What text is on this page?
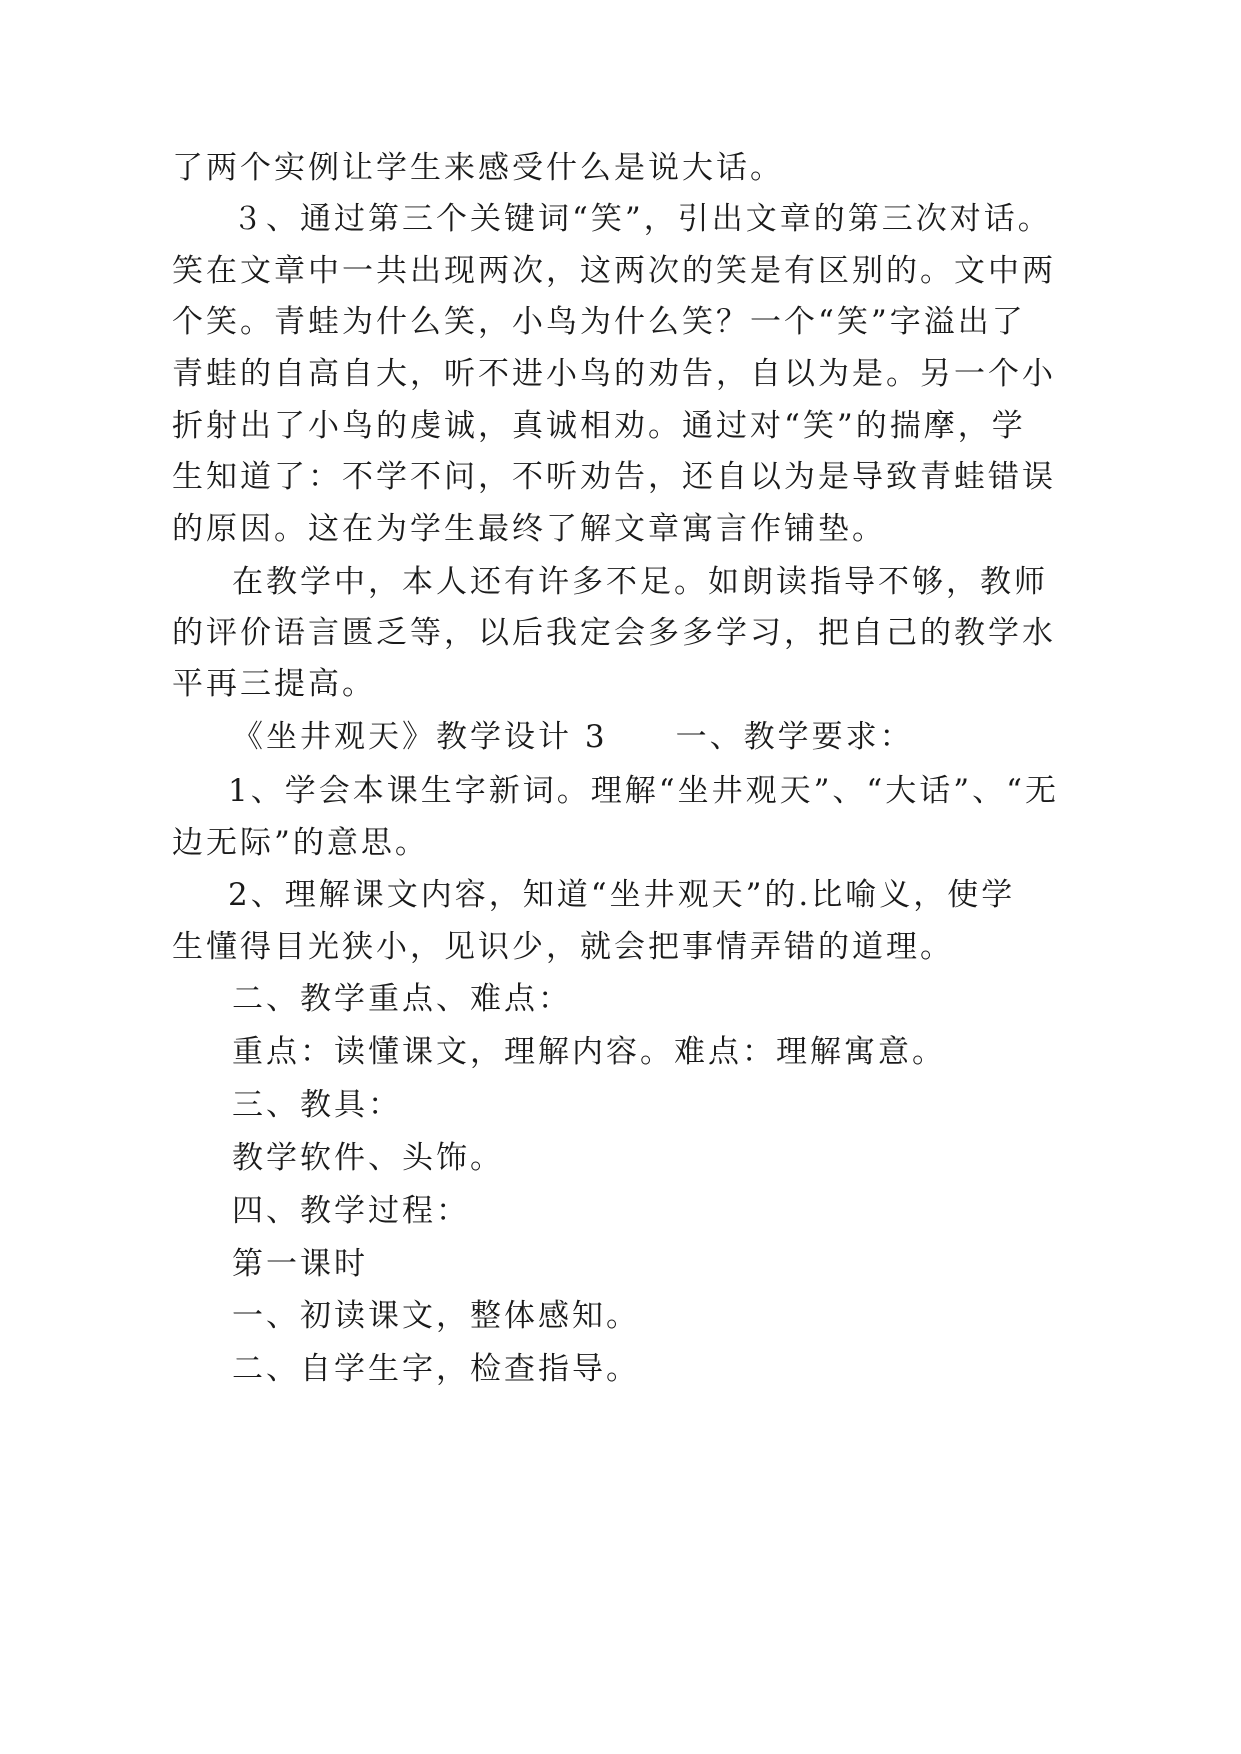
了两个实例让学生来感受什么是说大话。
３、通过第三个关键词“笑”，引出文章的第三次对话。
笑在文章中一共出现两次，这两次的笑是有区别的。文中两
个笑。青蛙为什么笑，小鸟为什么笑？一个“笑”字溢出了
青蛙的自高自大，听不进小鸟的劝告，自以为是。另一个小
折射出了小鸟的虔诚，真诚相劝。通过对“笑”的揣摩，学
生知道了：不学不问，不听劝告，还自以为是导致青蛙错误
的原因。这在为学生最终了解文章寓言作铺垫。
在教学中，本人还有许多不足。如朗读指导不够，教师
的评价语言匮乏等，以后我定会多多学习，把自己的教学水
平再三提高。
《坐井观天》教学设计 3　　一、教学要求：
1、学会本课生字新词。理解“坐井观天”、“大话”、“无
边无际”的意思。
2、理解课文内容，知道“坐井观天”的.比喻义，使学
生懂得目光狭小，见识少，就会把事情弄错的道理。
二、教学重点、难点：
重点：读懂课文，理解内容。难点：理解寓意。
三、教具：
教学软件、头饰。
四、教学过程：
第一课时
一、初读课文，整体感知。
二、自学生字，检查指导。
